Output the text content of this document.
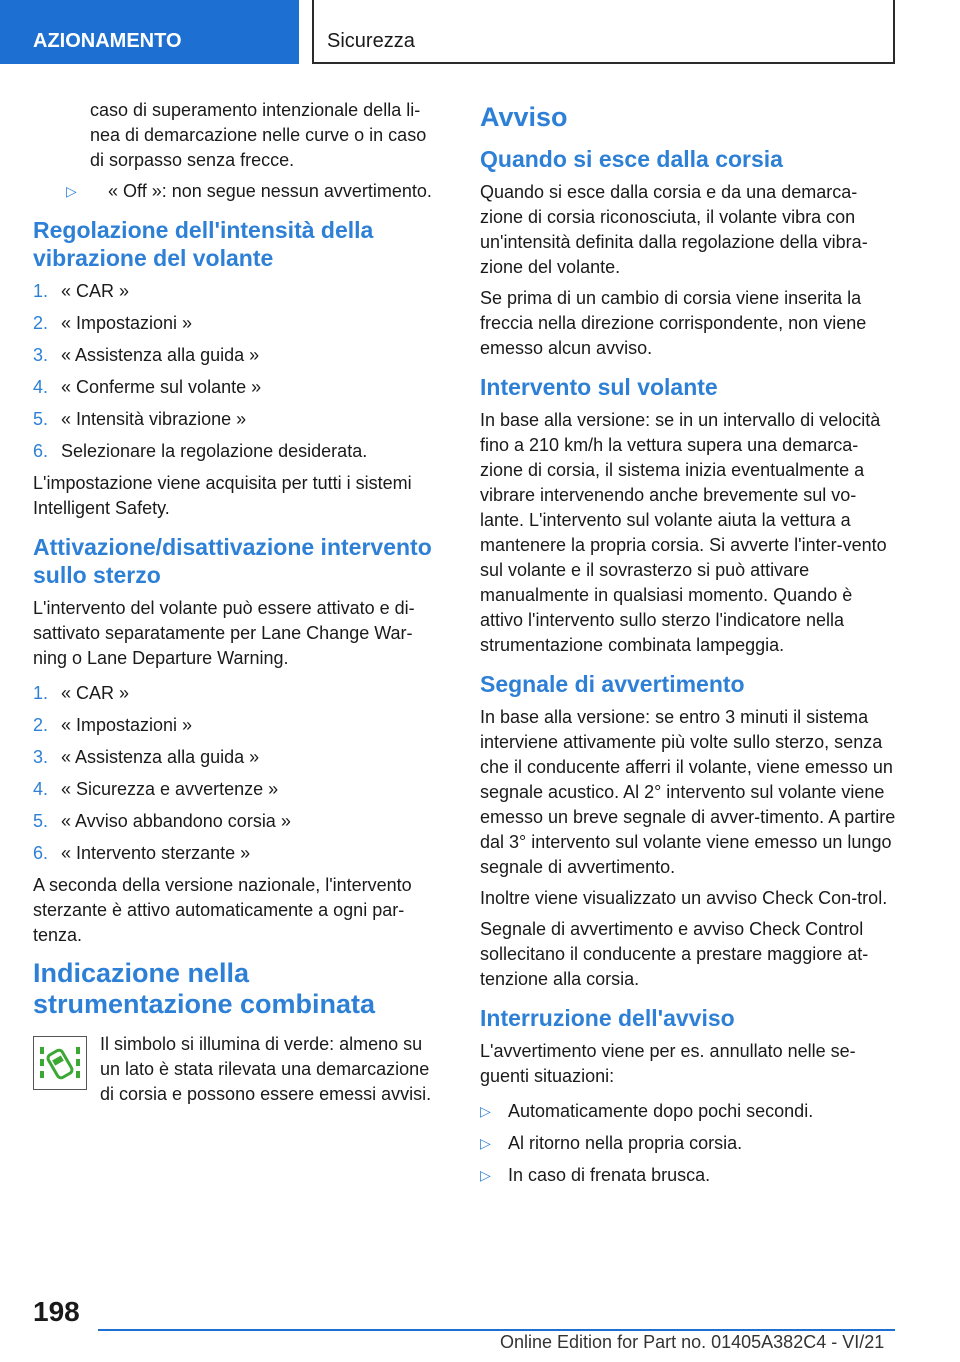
AZIONAMENTO	Sicurezza

caso di superamento intenzionale della li-nea di demarcazione nelle curve o in caso di sorpasso senza frecce.

▷ « Off »: non segue nessun avvertimento.
Regolazione dell'intensità della vibrazione del volante
1. « CAR »
2. « Impostazioni »
3. « Assistenza alla guida »
4. « Conferme sul volante »
5. « Intensità vibrazione »
6. Selezionare la regolazione desiderata.

L'impostazione viene acquisita per tutti i sistemi Intelligent Safety.

Attivazione/disattivazione intervento sullo sterzo

L'intervento del volante può essere attivato e di-sattivato separatamente per Lane Change War-ning o Lane Departure Warning.

1. « CAR »
2. « Impostazioni »
3. « Assistenza alla guida »
4. « Sicurezza e avvertenze »
5. « Avviso abbandono corsia »
6. « Intervento sterzante »

A seconda della versione nazionale, l'intervento sterzante è attivo automaticamente a ogni par-tenza.

Indicazione nella strumentazione combinata

Il simbolo si illumina di verde: almeno su un lato è stata rilevata una demarcazione di corsia e possono essere emessi avvisi.

Avviso
Quando si esce dalla corsia

Quando si esce dalla corsia e da una demarca-zione di corsia riconosciuta, il volante vibra con un'intensità definita dalla regolazione della vibra-zione del volante.

Se prima di un cambio di corsia viene inserita la freccia nella direzione corrispondente, non viene emesso alcun avviso.

Intervento sul volante

In base alla versione: se in un intervallo di velocità fino a 210 km/h la vettura supera una demarca-zione di corsia, il sistema inizia eventualmente a vibrare intervenendo anche brevemente sul vo-lante. L'intervento sul volante aiuta la vettura a mantenere la propria corsia. Si avverte l'inter-vento sul volante e il sovrasterzo si può attivare manualmente in qualsiasi momento. Quando è attivo l'intervento sullo sterzo l'indicatore nella strumentazione combinata lampeggia.

Segnale di avvertimento

In base alla versione: se entro 3 minuti il sistema interviene attivamente più volte sullo sterzo, senza che il conducente afferri il volante, viene emesso un segnale acustico. Al 2° intervento sul volante viene emesso un breve segnale di avver-timento. A partire dal 3° intervento sul volante viene emesso un lungo segnale di avvertimento.

Inoltre viene visualizzato un avviso Check Con-trol.

Segnale di avvertimento e avviso Check Control sollecitano il conducente a prestare maggiore at-tenzione alla corsia.

Interruzione dell'avviso

L'avvertimento viene per es. annullato nelle se-guenti situazioni:

▷ Automaticamente dopo pochi secondi.
▷ Al ritorno nella propria corsia.
▷ In caso di frenata brusca.
198
Online Edition for Part no. 01405A382C4 - VI/21
